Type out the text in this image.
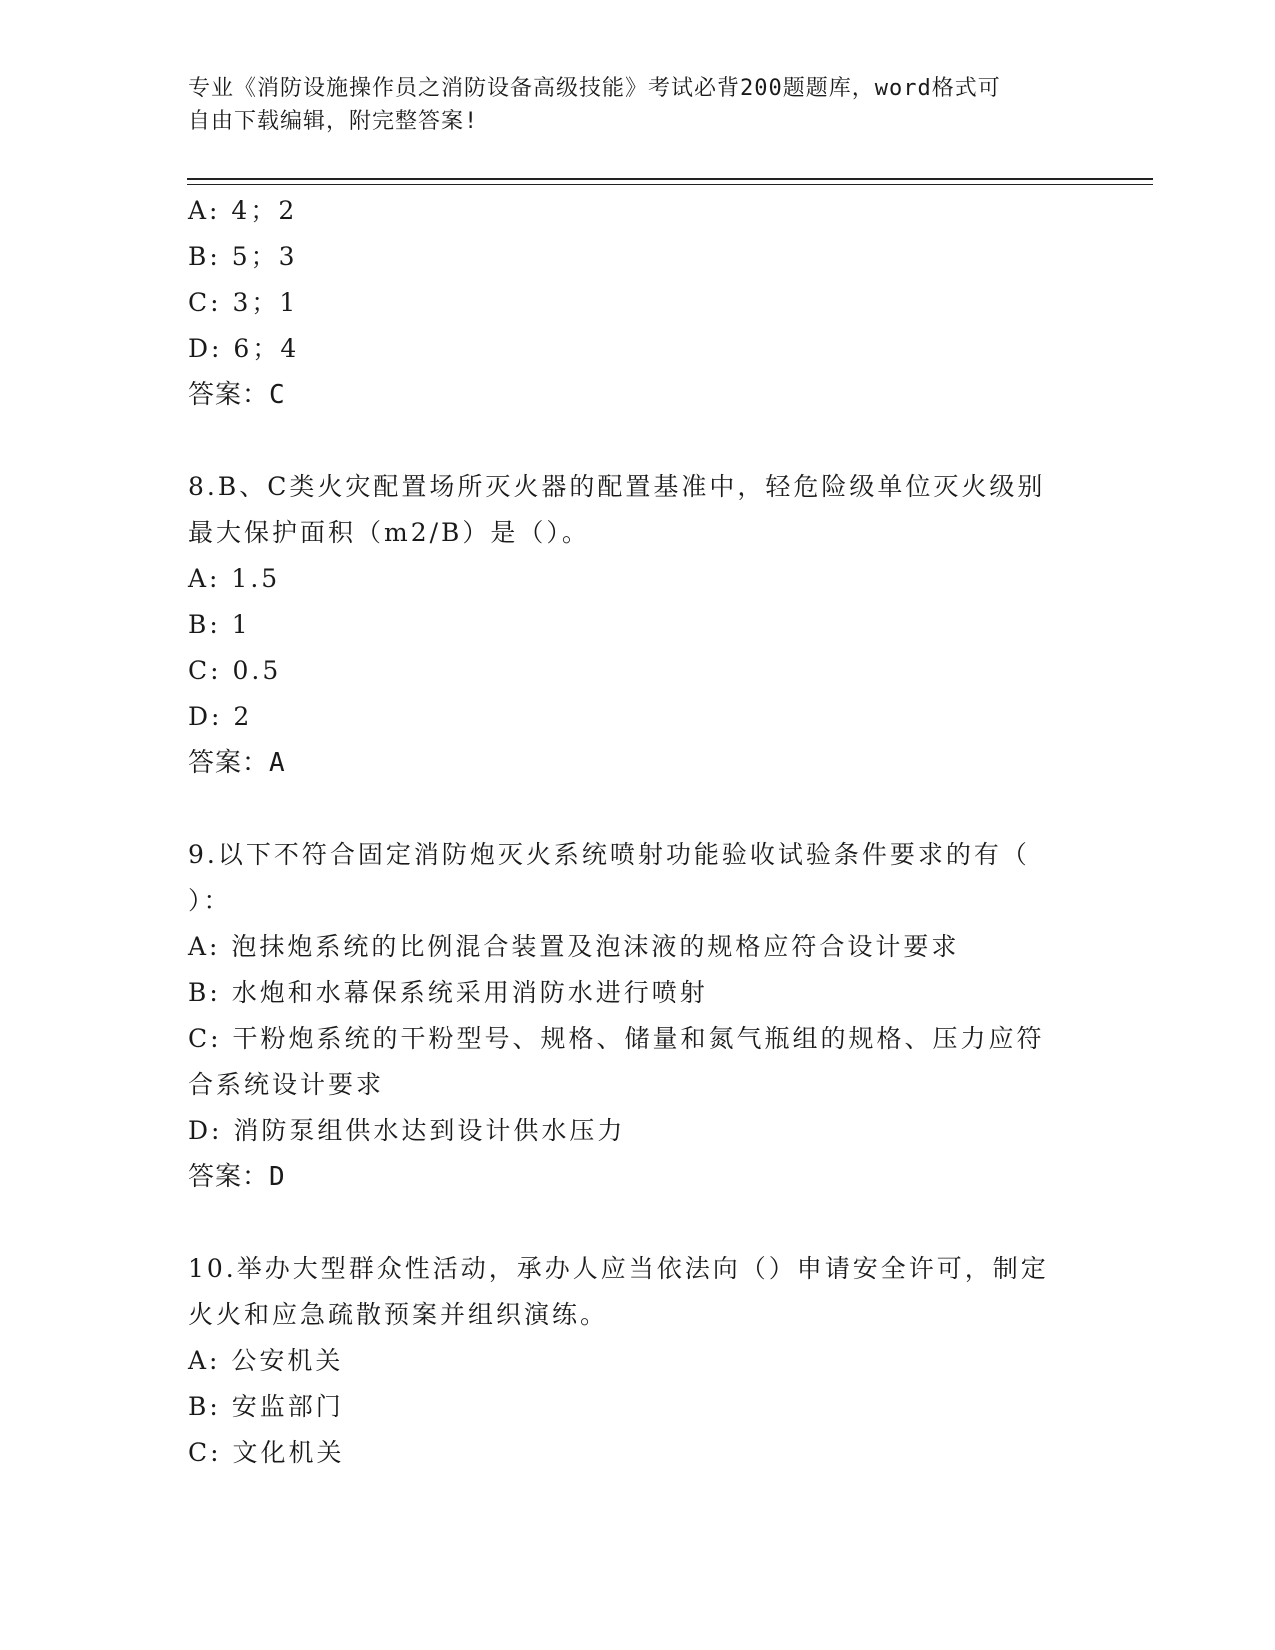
专业《消防设施操作员之消防设备高级技能》考试必背200题题库，word格式可
自由下载编辑，附完整答案!
A: 4；2
B: 5；3
C: 3；1
D: 6；4
答案：C
8.B、C类火灾配置场所灭火器的配置基准中，轻危险级单位灭火级别
最大保护面积（m2/B）是（）。
A: 1.5
B: 1
C: 0.5
D: 2
答案：A
9.以下不符合固定消防炮灭火系统喷射功能验收试验条件要求的有（
）：
A: 泡抹炮系统的比例混合装置及泡沫液的规格应符合设计要求
B: 水炮和水幕保系统采用消防水进行喷射
C: 干粉炮系统的干粉型号、规格、储量和氮气瓶组的规格、压力应符
合系统设计要求
D: 消防泵组供水达到设计供水压力
答案：D
10.举办大型群众性活动，承办人应当依法向（）申请安全许可，制定
火火和应急疏散预案并组织演练。
A: 公安机关
B: 安监部门
C: 文化机关
